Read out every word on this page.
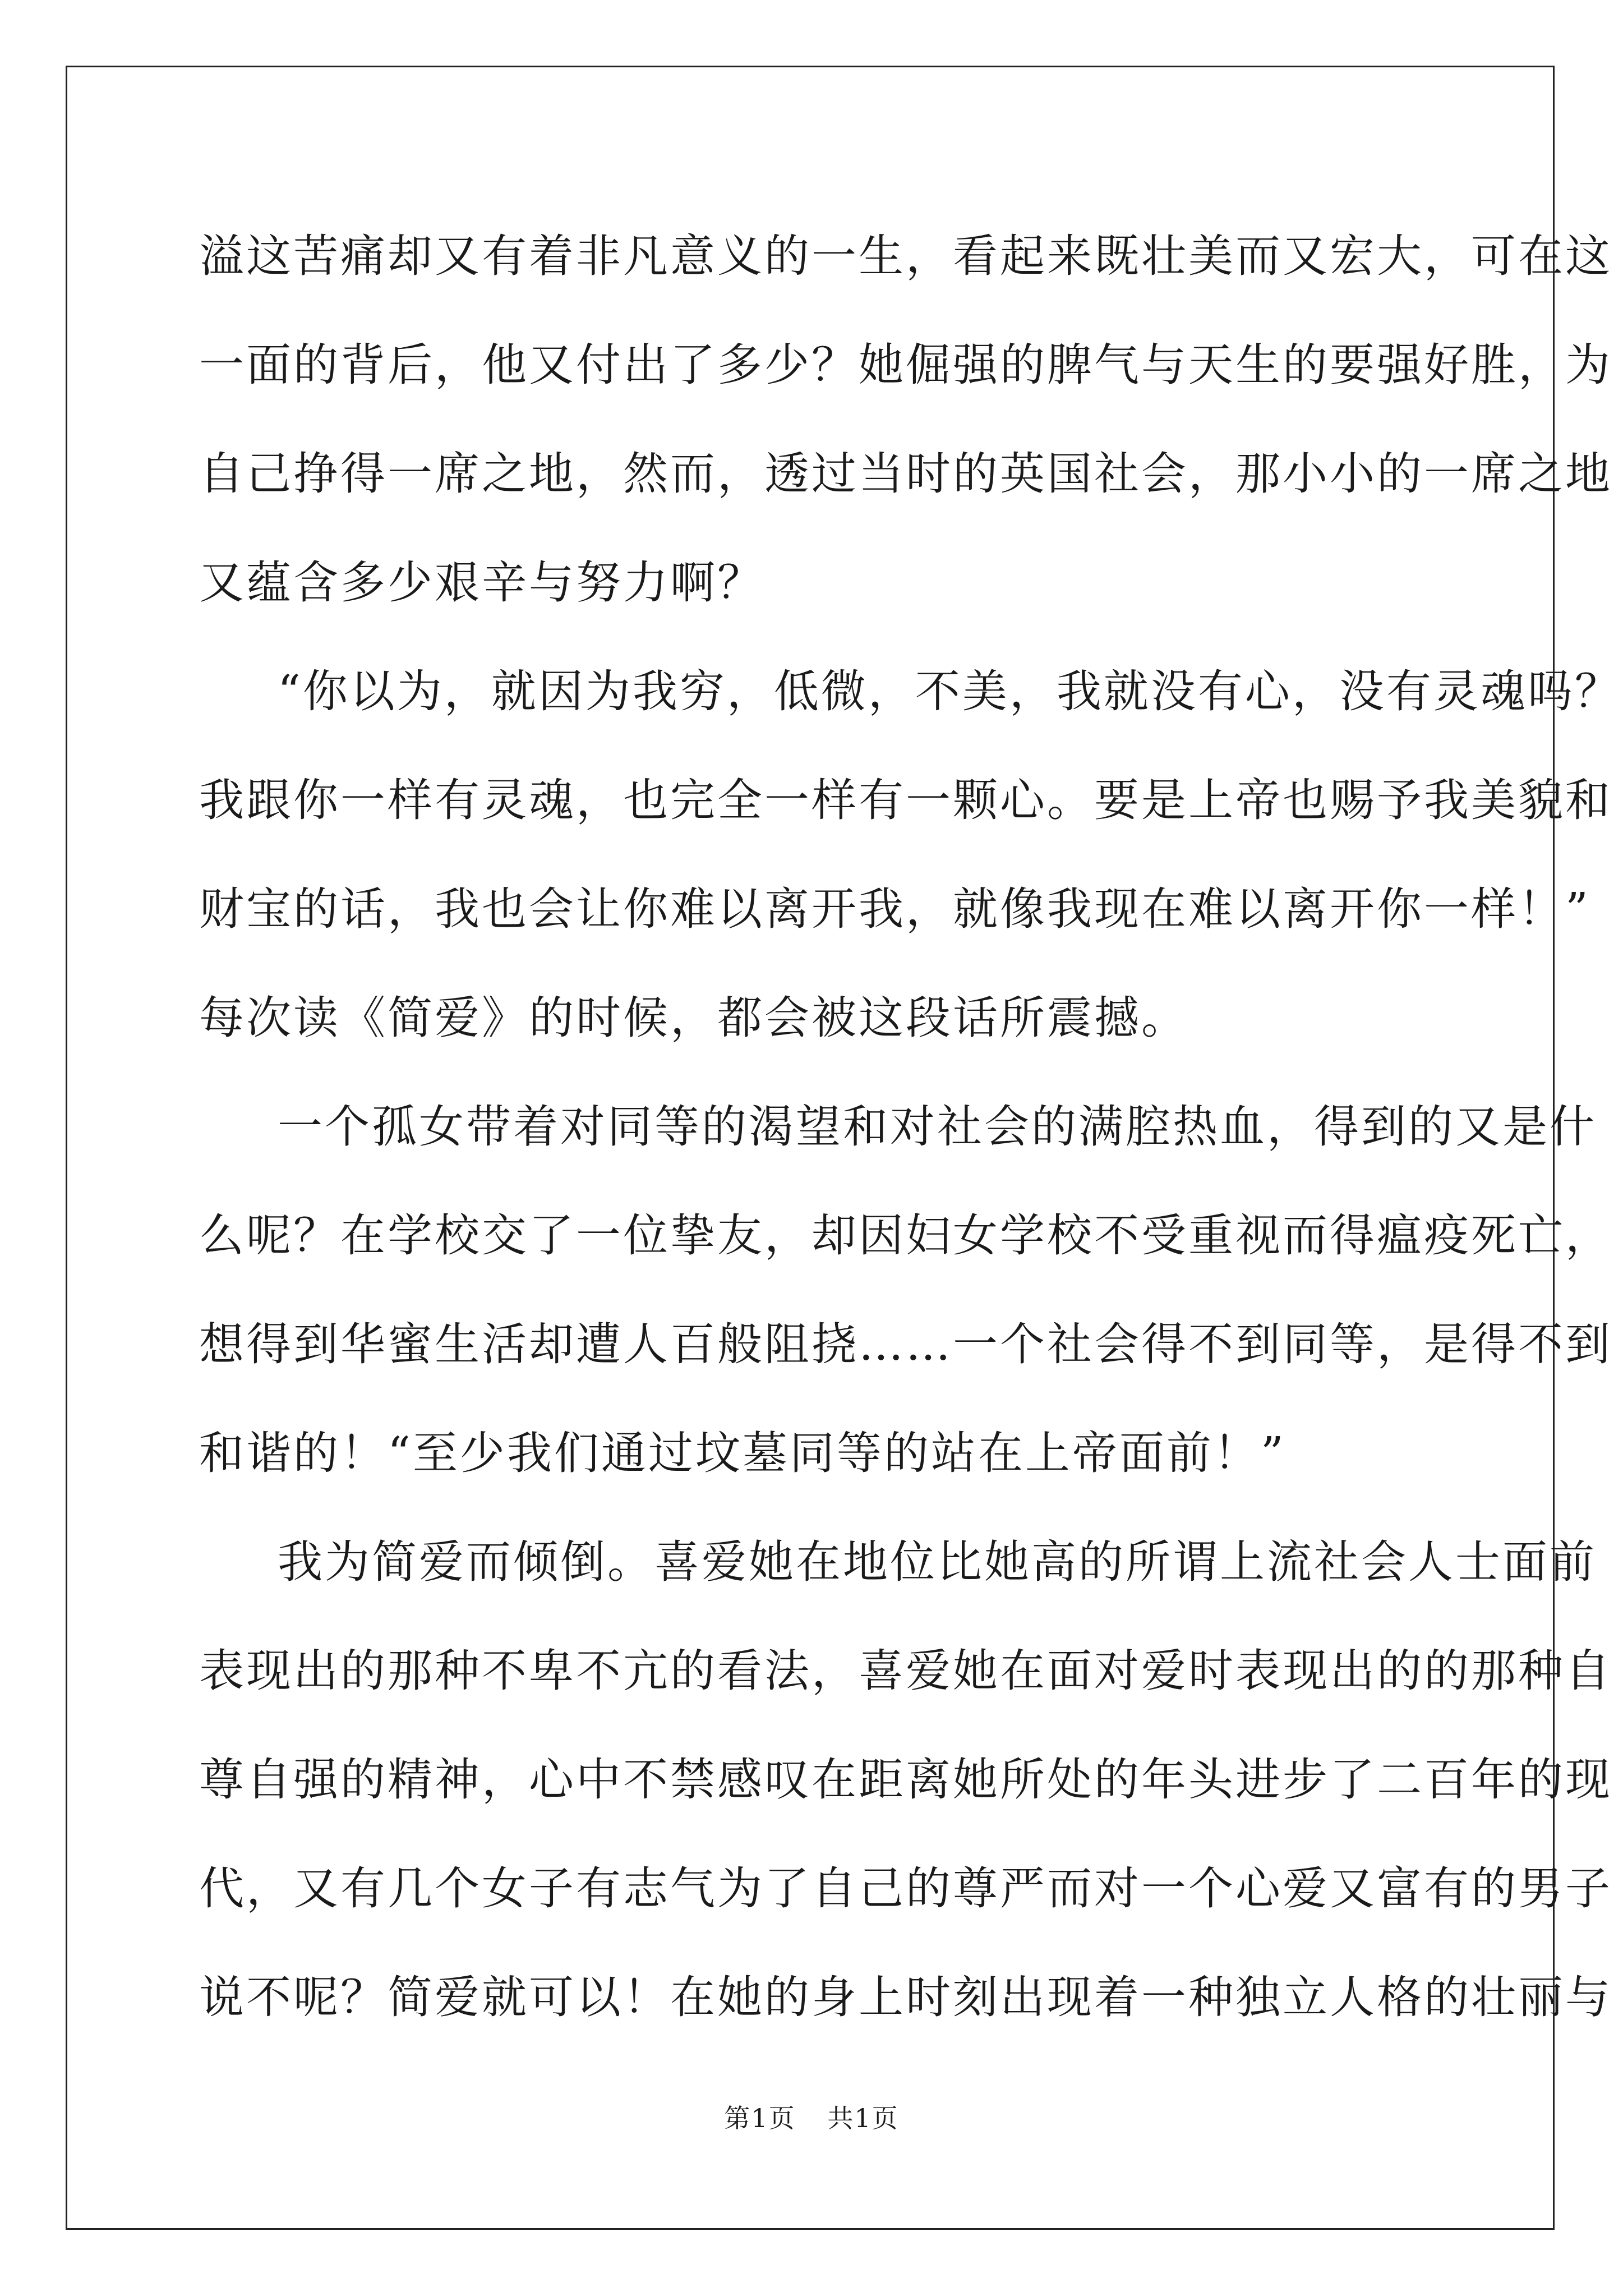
溢这苦痛却又有着非凡意义的一生，看起来既壮美而又宏大，可在这
一面的背后，他又付出了多少？她倔强的脾气与天生的要强好胜，为
自己挣得一席之地，然而，透过当时的英国社会，那小小的一席之地
又蕴含多少艰辛与努力啊？
“你以为，就因为我穷，低微，不美，我就没有心，没有灵魂吗？
我跟你一样有灵魂，也完全一样有一颗心。要是上帝也赐予我美貌和
财宝的话，我也会让你难以离开我，就像我现在难以离开你一样！”
每次读《简爱》的时候，都会被这段话所震撼。
一个孤女带着对同等的渴望和对社会的满腔热血，得到的又是什
么呢？在学校交了一位挚友，却因妇女学校不受重视而得瘟疫死亡，
想得到华蜜生活却遭人百般阻挠……一个社会得不到同等，是得不到
和谐的！“至少我们通过坟墓同等的站在上帝面前！”
我为简爱而倾倒。喜爱她在地位比她高的所谓上流社会人士面前
表现出的那种不卑不亢的看法，喜爱她在面对爱时表现出的的那种自
尊自强的精神，心中不禁感叹在距离她所处的年头进步了二百年的现
代，又有几个女子有志气为了自己的尊严而对一个心爱又富有的男子
说不呢？简爱就可以！在她的身上时刻出现着一种独立人格的壮丽与
第1页 共1页
